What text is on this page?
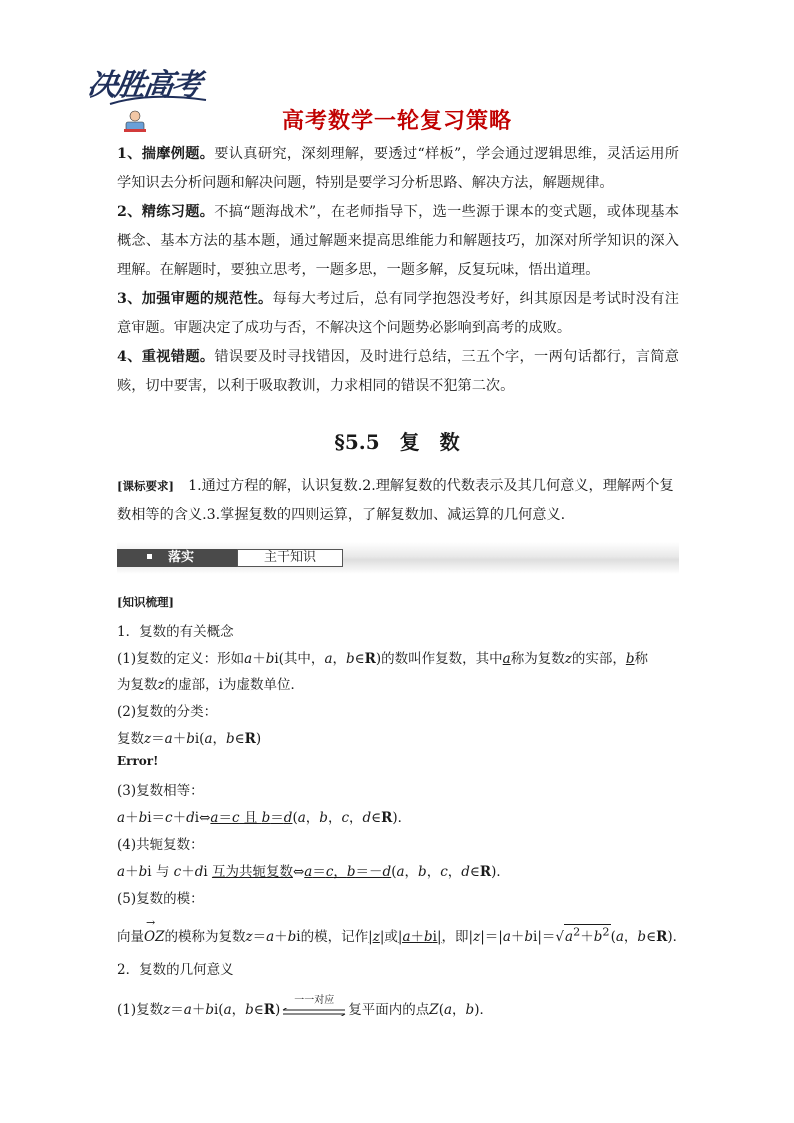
决胜高考
高考数学一轮复习策略
1、揣摩例题。要认真研究，深刻理解，要透过“样板”，学会通过逻辑思维，灵活运用所学知识去分析问题和解决问题，特别是要学习分析思路、解决方法，解题规律。
2、精练习题。不搞“题海战术”，在老师指导下，选一些源于课本的变式题，或体现基本概念、基本方法的基本题，通过解题来提高思维能力和解题技巧，加深对所学知识的深入理解。在解题时，要独立思考，一题多思，一题多解，反复玩味，悟出道理。
3、加强审题的规范性。每每大考过后，总有同学抱怨没考好，纠其原因是考试时没有注意审题。审题决定了成功与否，不解决这个问题势必影响到高考的成败。
4、重视错题。错误要及时寻找错因，及时进行总结，三五个字，一两句话都行，言简意赅，切中要害，以利于吸取教训，力求相同的错误不犯第二次。
§5.5　复　数
[课标要求]　 1.通过方程的解，认识复数.2.理解复数的代数表示及其几何意义，理解两个复数相等的含义.3.掌握复数的四则运算，了解复数加、减运算的几何意义.
落实	主干知识
[知识梳理]
1．复数的有关概念
(1)复数的定义：形如a＋bi(其中，a，b∈R)的数叫作复数，其中a称为复数z的实部，b称
为复数z的虚部，i为虚数单位．
(2)复数的分类：
复数z＝a＋bi(a，b∈R)
Error!
(3)复数相等：
a＋bi＝c＋di⇔a＝c 且 b＝d(a，b，c，d∈R)．
(4)共轭复数：
a＋bi 与 c＋di 互为共轭复数⇔a＝c，b＝－d(a，b，c，d∈R)．
(5)复数的模：
向量→ OZ的模称为复数z＝a＋bi的模，记作|z|或|a＋bi|，即$|z|=|a+bi|=√a^2+b^2(a$，b∈R)．
2．复数的几何意义
(1)复数z＝a＋bi(a，b∈R)
一一对应
复平面内的点Z(a，b)．
